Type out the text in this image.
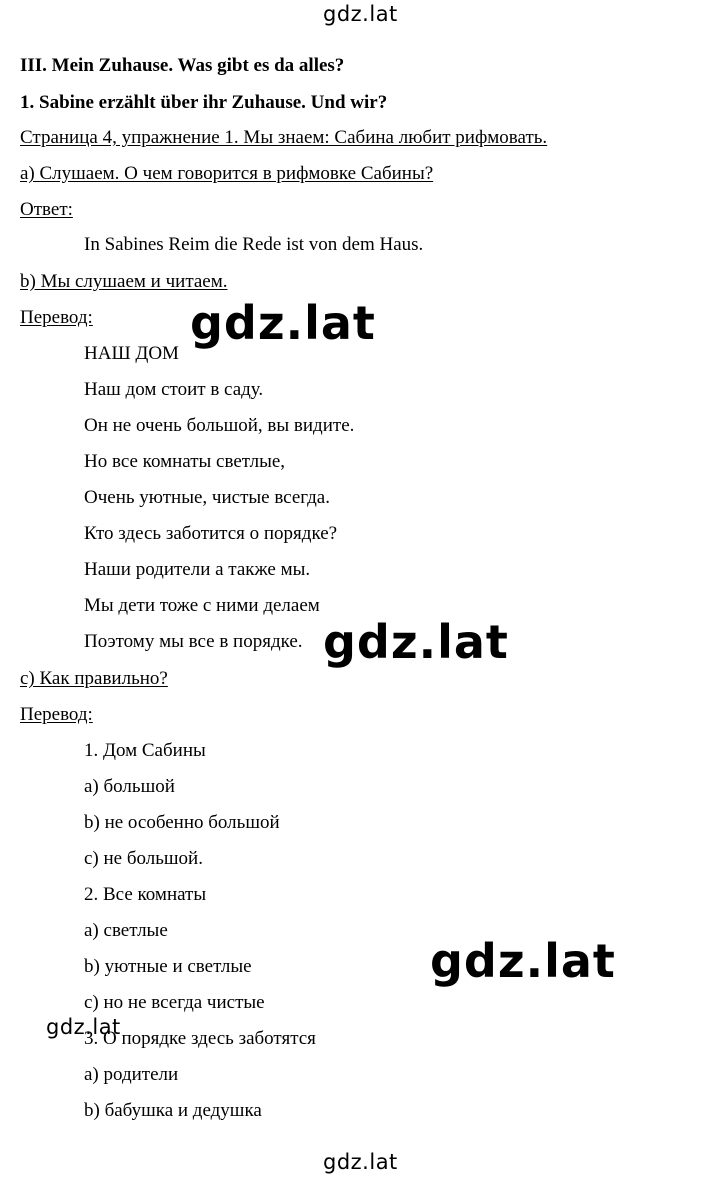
gdz.lat
III. Mein Zuhause. Was gibt es da alles?
1. Sabine erzählt über ihr Zuhause. Und wir?
Страница 4, упражнение 1. Мы знаем: Сабина любит рифмовать.
а) Слушаем. О чем говорится в рифмовке Сабины?
Ответ:
In Sabines Reim die Rede ist von dem Haus.
b) Мы слушаем и читаем.
Перевод:
НАШ ДОМ
Наш дом стоит в саду.
Он не очень большой, вы видите.
Но все комнаты светлые,
Очень уютные, чистые всегда.
Кто здесь заботится о порядке?
Наши родители а также мы.
Мы дети тоже с ними делаем
Поэтому мы все в порядке.
с) Как правильно?
Перевод:
1. Дом Сабины
а) большой
b) не особенно большой
с) не большой.
2. Все комнаты
а) светлые
b) уютные и светлые
с) но не всегда чистые
3. О порядке здесь заботятся
а) родители
b) бабушка и дедушка
gdz.lat
gdz.lat
gdz.lat
gdz.lat
gdz.lat
